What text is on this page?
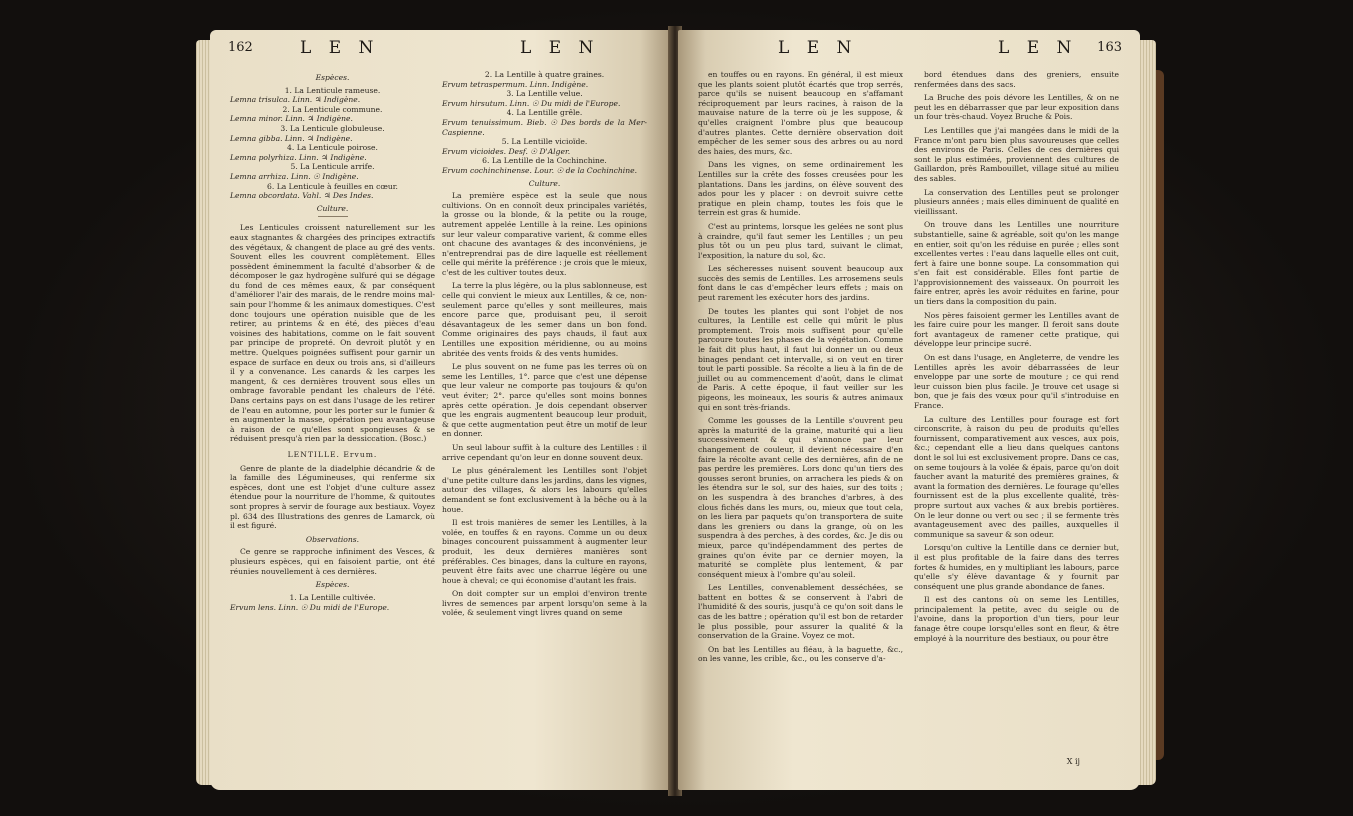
162	L E N	L E N
Espèces.

1. La Lenticule rameuse.

Lemna trisulca. Linn. ♃ Indigène.

2. La Lenticule commune.

Lemna minor. Linn. ♃ Indigène.

3. La Lenticule globuleuse.

Lemna gibba. Linn. ♃ Indigène.

4. La Lenticule poirose.

Lemna polyrhiza. Linn. ♃ Indigène.

5. La Lenticule arrife.

Lemna arrhiza. Linn. ☉ Indigène.

6. La Lenticule à feuilles en cœur.

Lemna obcordata. Vahl. ♃ Des Indes.

Culture.

Les Lenticules croissent naturellement sur les eaux stagnantes & chargées des principes extractifs des végétaux, & changent de place au gré des vents. Souvent elles les couvrent complètement. Elles possèdent éminemment la faculté d'absorber & de décomposer le gaz hydrogène sulfuré qui se dégage du fond de ces mêmes eaux, & par conséquent d'améliorer l'air des marais, de le rendre moins mal-sain pour l'homme & les animaux domestiques. C'est donc toujours une opération nuisible que de les retirer, au printems & en été, des pièces d'eau voisines des habitations, comme on le fait souvent par principe de propreté. On devroit plutôt y en mettre. Quelques poignées suffisent pour garnir un espace de surface en deux ou trois ans, si d'ailleurs il y a convenance. Les canards & les carpes les mangent, & ces dernières trouvent sous elles un ombrage favorable pendant les chaleurs de l'été. Dans certains pays on est dans l'usage de les retirer de l'eau en automne, pour les porter sur le fumier & en augmenter la masse, opération peu avantageuse à raison de ce qu'elles sont spongieuses & se réduisent presqu'à rien par la dessiccation. (Bosc.)

LENTILLE. Ervum.

Genre de plante de la diadelphie décandrie & de la famille des Légumineuses, qui renferme six espèces, dont une est l'objet d'une culture assez étendue pour la nourriture de l'homme, & quitoutes sont propres à servir de fourage aux bestiaux. Voyez pl. 634 des Illustrations des genres de Lamarck, où il est figuré.

Observations.

Ce genre se rapproche infiniment des Vesces, & plusieurs espèces, qui en faisoient partie, ont été réunies nouvellement à ces dernières.

Espèces.

1. La Lentille cultivée.

Ervum lens. Linn. ☉ Du midi de l'Europe.

2. La Lentille à quatre graines.

Ervum tetraspermum. Linn. Indigène.

3. La Lentille velue.

Ervum hirsutum. Linn. ☉ Du midi de l'Europe.

4. La Lentille grêle.

Ervum tenuissimum. Bieb. ☉ Des bords de la Mer-Caspienne.

5. La Lentille vicioïde.

Ervum vicioides. Desf. ☉ D'Alger.

6. La Lentille de la Cochinchine.

Ervum cochinchinense. Lour. ☉ de la Cochinchine.

Culture.

La première espèce est la seule que nous cultivions. On en connoît deux principales variétés, la grosse ou la blonde, & la petite ou la rouge, autrement appelée Lentille à la reine. Les opinions sur leur valeur comparative varient, & comme elles ont chacune des avantages & des inconvéniens, je n'entreprendrai pas de dire laquelle est réellement celle qui mérite la préférence : je crois que le mieux, c'est de les cultiver toutes deux.

La terre la plus légère, ou la plus sablonneuse, est celle qui convient le mieux aux Lentilles, & ce, non-seulement parce qu'elles y sont meilleures, mais encore parce que, produisant peu, il seroit désavantageux de les semer dans un bon fond. Comme originaires des pays chauds, il faut aux Lentilles une exposition méridienne, ou au moins abritée des vents froids & des vents humides.

Le plus souvent on ne fume pas les terres où on seme les Lentilles, 1°. parce que c'est une dépense que leur valeur ne comporte pas toujours & qu'on veut éviter; 2°. parce qu'elles sont moins bonnes après cette opération. Je dois cependant observer que les engrais augmentent beaucoup leur produit, & que cette augmentation peut être un motif de leur en donner.

Un seul labour suffit à la culture des Lentilles : il arrive cependant qu'on leur en donne souvent deux.

Le plus généralement les Lentilles sont l'objet d'une petite culture dans les jardins, dans les vignes, autour des villages, & alors les labours qu'elles demandent se font exclusivement à la bêche ou à la houe.

Il est trois manières de semer les Lentilles, à la volée, en touffes & en rayons. Comme un ou deux binages concourent puissamment à augmenter leur produit, les deux dernières manières sont préférables. Ces binages, dans la culture en rayons, peuvent être faits avec une charrue légère ou une houe à cheval; ce qui économise d'autant les frais.

On doit compter sur un emploi d'environ trente livres de semences par arpent lorsqu'on seme à la volée, & seulement vingt livres quand on seme

163
L E N	L E N

en touffes ou en rayons. En général, il est mieux que les plants soient plutôt écartés que trop serrés, parce qu'ils se nuisent beaucoup en s'affamant réciproquement par leurs racines, à raison de la mauvaise nature de la terre où je les suppose, & qu'elles craignent l'ombre plus que beaucoup d'autres plantes. Cette dernière observation doit empêcher de les semer sous des arbres ou au nord des haies, des murs, &c.

Dans les vignes, on seme ordinairement les Lentilles sur la crête des fosses creusées pour les plantations. Dans les jardins, on élève souvent des ados pour les y placer : on devroit suivre cette pratique en plein champ, toutes les fois que le terrein est gras & humide.

C'est au printems, lorsque les gelées ne sont plus à craindre, qu'il faut semer les Lentilles ; un peu plus tôt ou un peu plus tard, suivant le climat, l'exposition, la nature du sol, &c.

Les sécheresses nuisent souvent beaucoup aux succès des semis de Lentilles. Les arrosemens seuls font dans le cas d'empêcher leurs effets ; mais on peut rarement les exécuter hors des jardins.

De toutes les plantes qui sont l'objet de nos cultures, la Lentille est celle qui mûrit le plus promptement. Trois mois suffisent pour qu'elle parcoure toutes les phases de la végétation. Comme le fait dit plus haut, il faut lui donner un ou deux binages pendant cet intervalle, si on veut en tirer tout le parti possible. Sa récolte a lieu à la fin de de juillet ou au commencement d'août, dans le climat de Paris. A cette époque, il faut veiller sur les pigeons, les moineaux, les souris & autres animaux qui en sont très-friands.

Comme les gousses de la Lentille s'ouvrent peu après la maturité de la graine, maturité qui a lieu successivement & qui s'annonce par leur changement de couleur, il devient nécessaire d'en faire la récolte avant celle des dernières, afin de ne pas perdre les premières. Lors donc qu'un tiers des gousses seront brunies, on arrachera les pieds & on les étendra sur le sol, sur des haies, sur des toits ; on les suspendra à des branches d'arbres, à des clous fichés dans les murs, ou, mieux que tout cela, on les liera par paquets qu'on transportera de suite dans les greniers ou dans la grange, où on les suspendra à des perches, à des cordes, &c. Je dis ou mieux, parce qu'indépendamment des pertes de graines qu'on évite par ce dernier moyen, la maturité se complète plus lentement, & par conséquent mieux à l'ombre qu'au soleil.

Les Lentilles, convenablement desséchées, se battent en bottes & se conservent à l'abri de l'humidité & des souris, jusqu'à ce qu'on soit dans le cas de les battre ; opération qu'il est bon de retarder le plus possible, pour assurer la qualité & la conservation de la Graine. Voyez ce mot.

On bat les Lentilles au fléau, à la baguette, &c., on les vanne, les crible, &c., ou les conserve d'a-

bord étendues dans des greniers, ensuite renfermées dans des sacs.

La Bruche des pois dévore les Lentilles, & on ne peut les en débarrasser que par leur exposition dans un four très-chaud. Voyez Bruche & Pois.

Les Lentilles que j'ai mangées dans le midi de la France m'ont paru bien plus savoureuses que celles des environs de Paris. Celles de ces dernières qui sont le plus estimées, proviennent des cultures de Gaillardon, près Rambouillet, village situé au milieu des sables.

La conservation des Lentilles peut se prolonger plusieurs années ; mais elles diminuent de qualité en vieillissant.

On trouve dans les Lentilles une nourriture substantielle, saine & agréable, soit qu'on les mange en entier, soit qu'on les réduise en purée ; elles sont excellentes vertes : l'eau dans laquelle elles ont cuit, fert à faire une bonne soupe. La consommation qui s'en fait est considérable. Elles font partie de l'approvisionnement des vaisseaux. On pourroit les faire entrer, après les avoir réduites en farine, pour un tiers dans la composition du pain.

Nos pères faisoient germer les Lentilles avant de les faire cuire pour les manger. Il feroit sans doute fort avantageux de ramener cette pratique, qui développe leur principe sucré.

On est dans l'usage, en Angleterre, de vendre les Lentilles après les avoir débarrassées de leur enveloppe par une sorte de mouture ; ce qui rend leur cuisson bien plus facile. Je trouve cet usage si bon, que je fais des vœux pour qu'il s'introduise en France.

La culture des Lentilles pour fourage est fort circonscrite, à raison du peu de produits qu'elles fournissent, comparativement aux vesces, aux pois, &c.; cependant elle a lieu dans quelques cantons dont le sol lui est exclusivement propre. Dans ce cas, on seme toujours à la volée & épais, parce qu'on doit faucher avant la maturité des premières graines, & avant la formation des dernières. Le fourage qu'elles fournissent est de la plus excellente qualité, très-propre surtout aux vaches & aux brebis portières. On le leur donne ou vert ou sec ; il se fermente très avantageusement avec des pailles, auxquelles il communique sa saveur & son odeur.

Lorsqu'on cultive la Lentille dans ce dernier but, il est plus profitable de la faire dans des terres fortes & humides, en y multipliant les labours, parce qu'elle s'y élève davantage & y fournit par conséquent une plus grande abondance de fanes.

Il est des cantons où on seme les Lentilles, principalement la petite, avec du seigle ou de l'avoine, dans la proportion d'un tiers, pour leur fanage être coupe lorsqu'elles sont en fleur, & être employé à la nourriture des bestiaux, ou pour être

X ij
